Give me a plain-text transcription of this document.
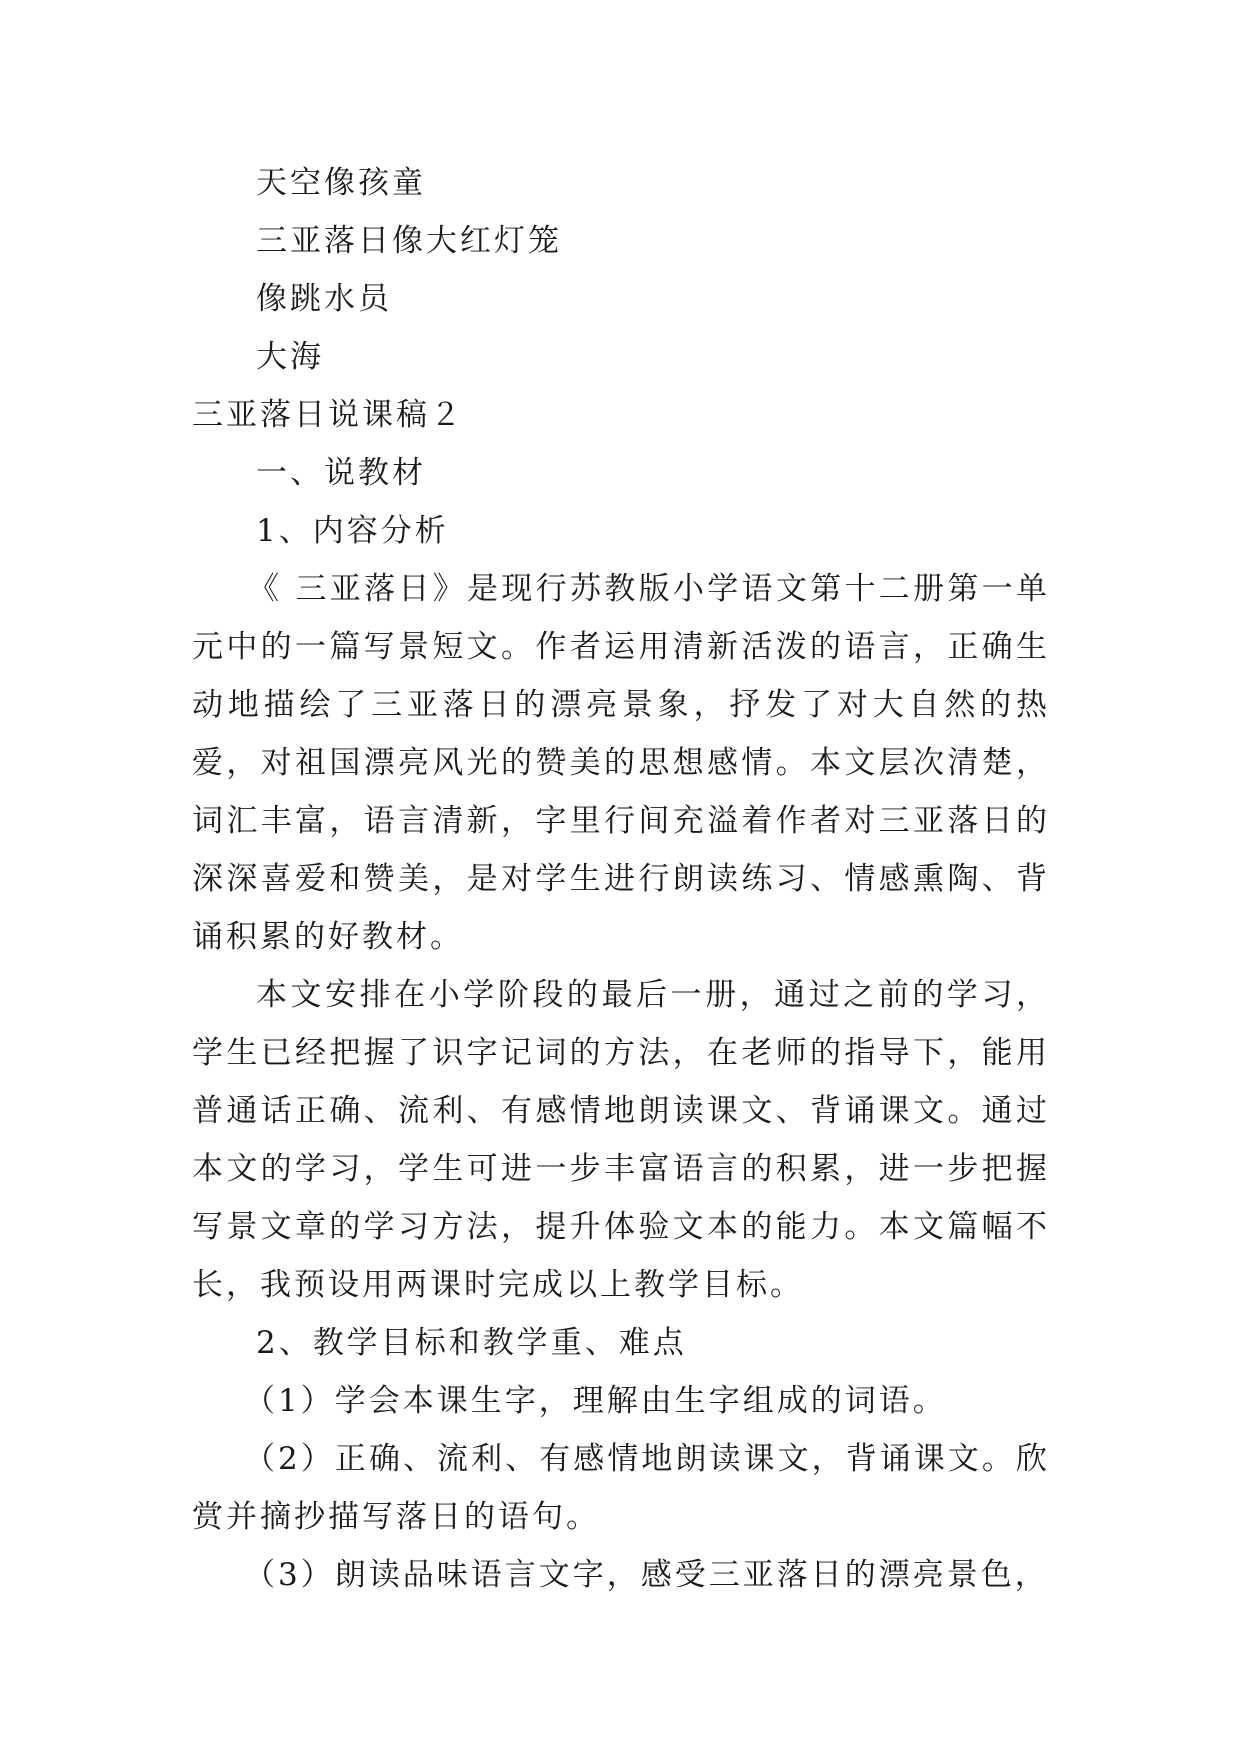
天空像孩童

三亚落日像大红灯笼

像跳水员

大海

三亚落日说课稿２

一、说教材

1、内容分析

《 三亚落日》是现行苏教版小学语文第十二册第一单元中的一篇写景短文。作者运用清新活泼的语言，正确生动地描绘了三亚落日的漂亮景象，抒发了对大自然的热爱，对祖国漂亮风光的赞美的思想感情。本文层次清楚，词汇丰富，语言清新，字里行间充溢着作者对三亚落日的深深喜爱和赞美，是对学生进行朗读练习、情感熏陶、背诵积累的好教材。

本文安排在小学阶段的最后一册，通过之前的学习，学生已经把握了识字记词的方法，在老师的指导下，能用普通话正确、流利、有感情地朗读课文、背诵课文。通过本文的学习，学生可进一步丰富语言的积累，进一步把握写景文章的学习方法，提升体验文本的能力。本文篇幅不长，我预设用两课时完成以上教学目标。

2、教学目标和教学重、难点

（1）学会本课生字，理解由生字组成的词语。

（2）正确、流利、有感情地朗读课文，背诵课文。欣赏并摘抄描写落日的语句。

（3）朗读品味语言文字，感受三亚落日的漂亮景色，
